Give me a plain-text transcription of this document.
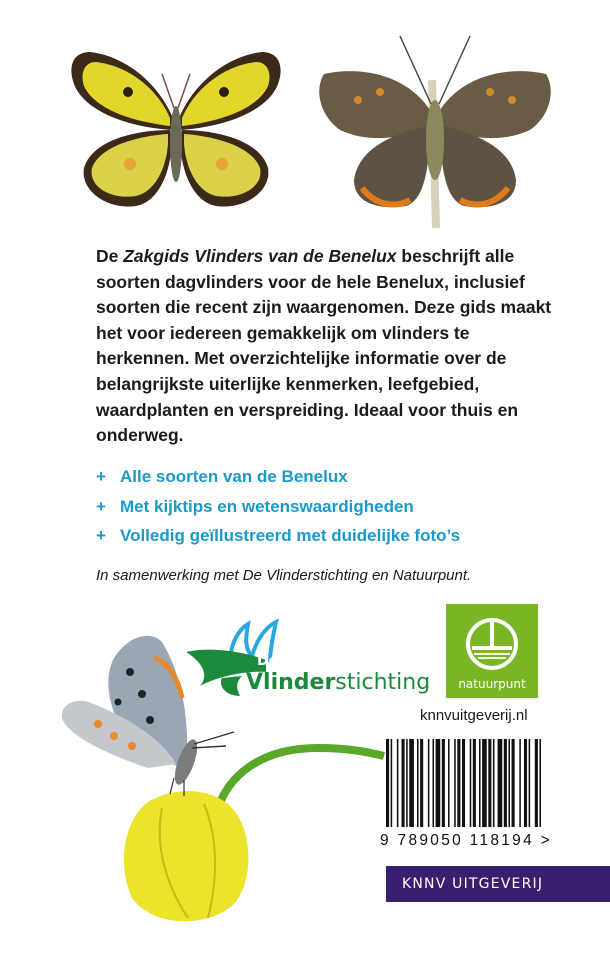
De Zakgids Vlinders van de Benelux beschrijft alle soorten dagvlinders voor de hele Benelux, inclusief soorten die recent zijn waargenomen. Deze gids maakt het voor iedereen gemakkelijk om vlinders te herkennen. Met overzichtelijke informatie over de belangrijkste uiterlijke kenmerken, leefgebied, waardplanten en verspreiding. Ideaal voor thuis en onderweg.
+ Alle soorten van de Benelux
+ Met kijktips en wetenswaardigheden
+ Volledig geïllustreerd met duidelijke foto’s
In samenwerking met De Vlinderstichting en Natuurpunt.
De
Vlinderstichting	natuurpunt
knnvuitgeverij.nl
9 789050 118194 >
KNNV UITGEVERIJ
